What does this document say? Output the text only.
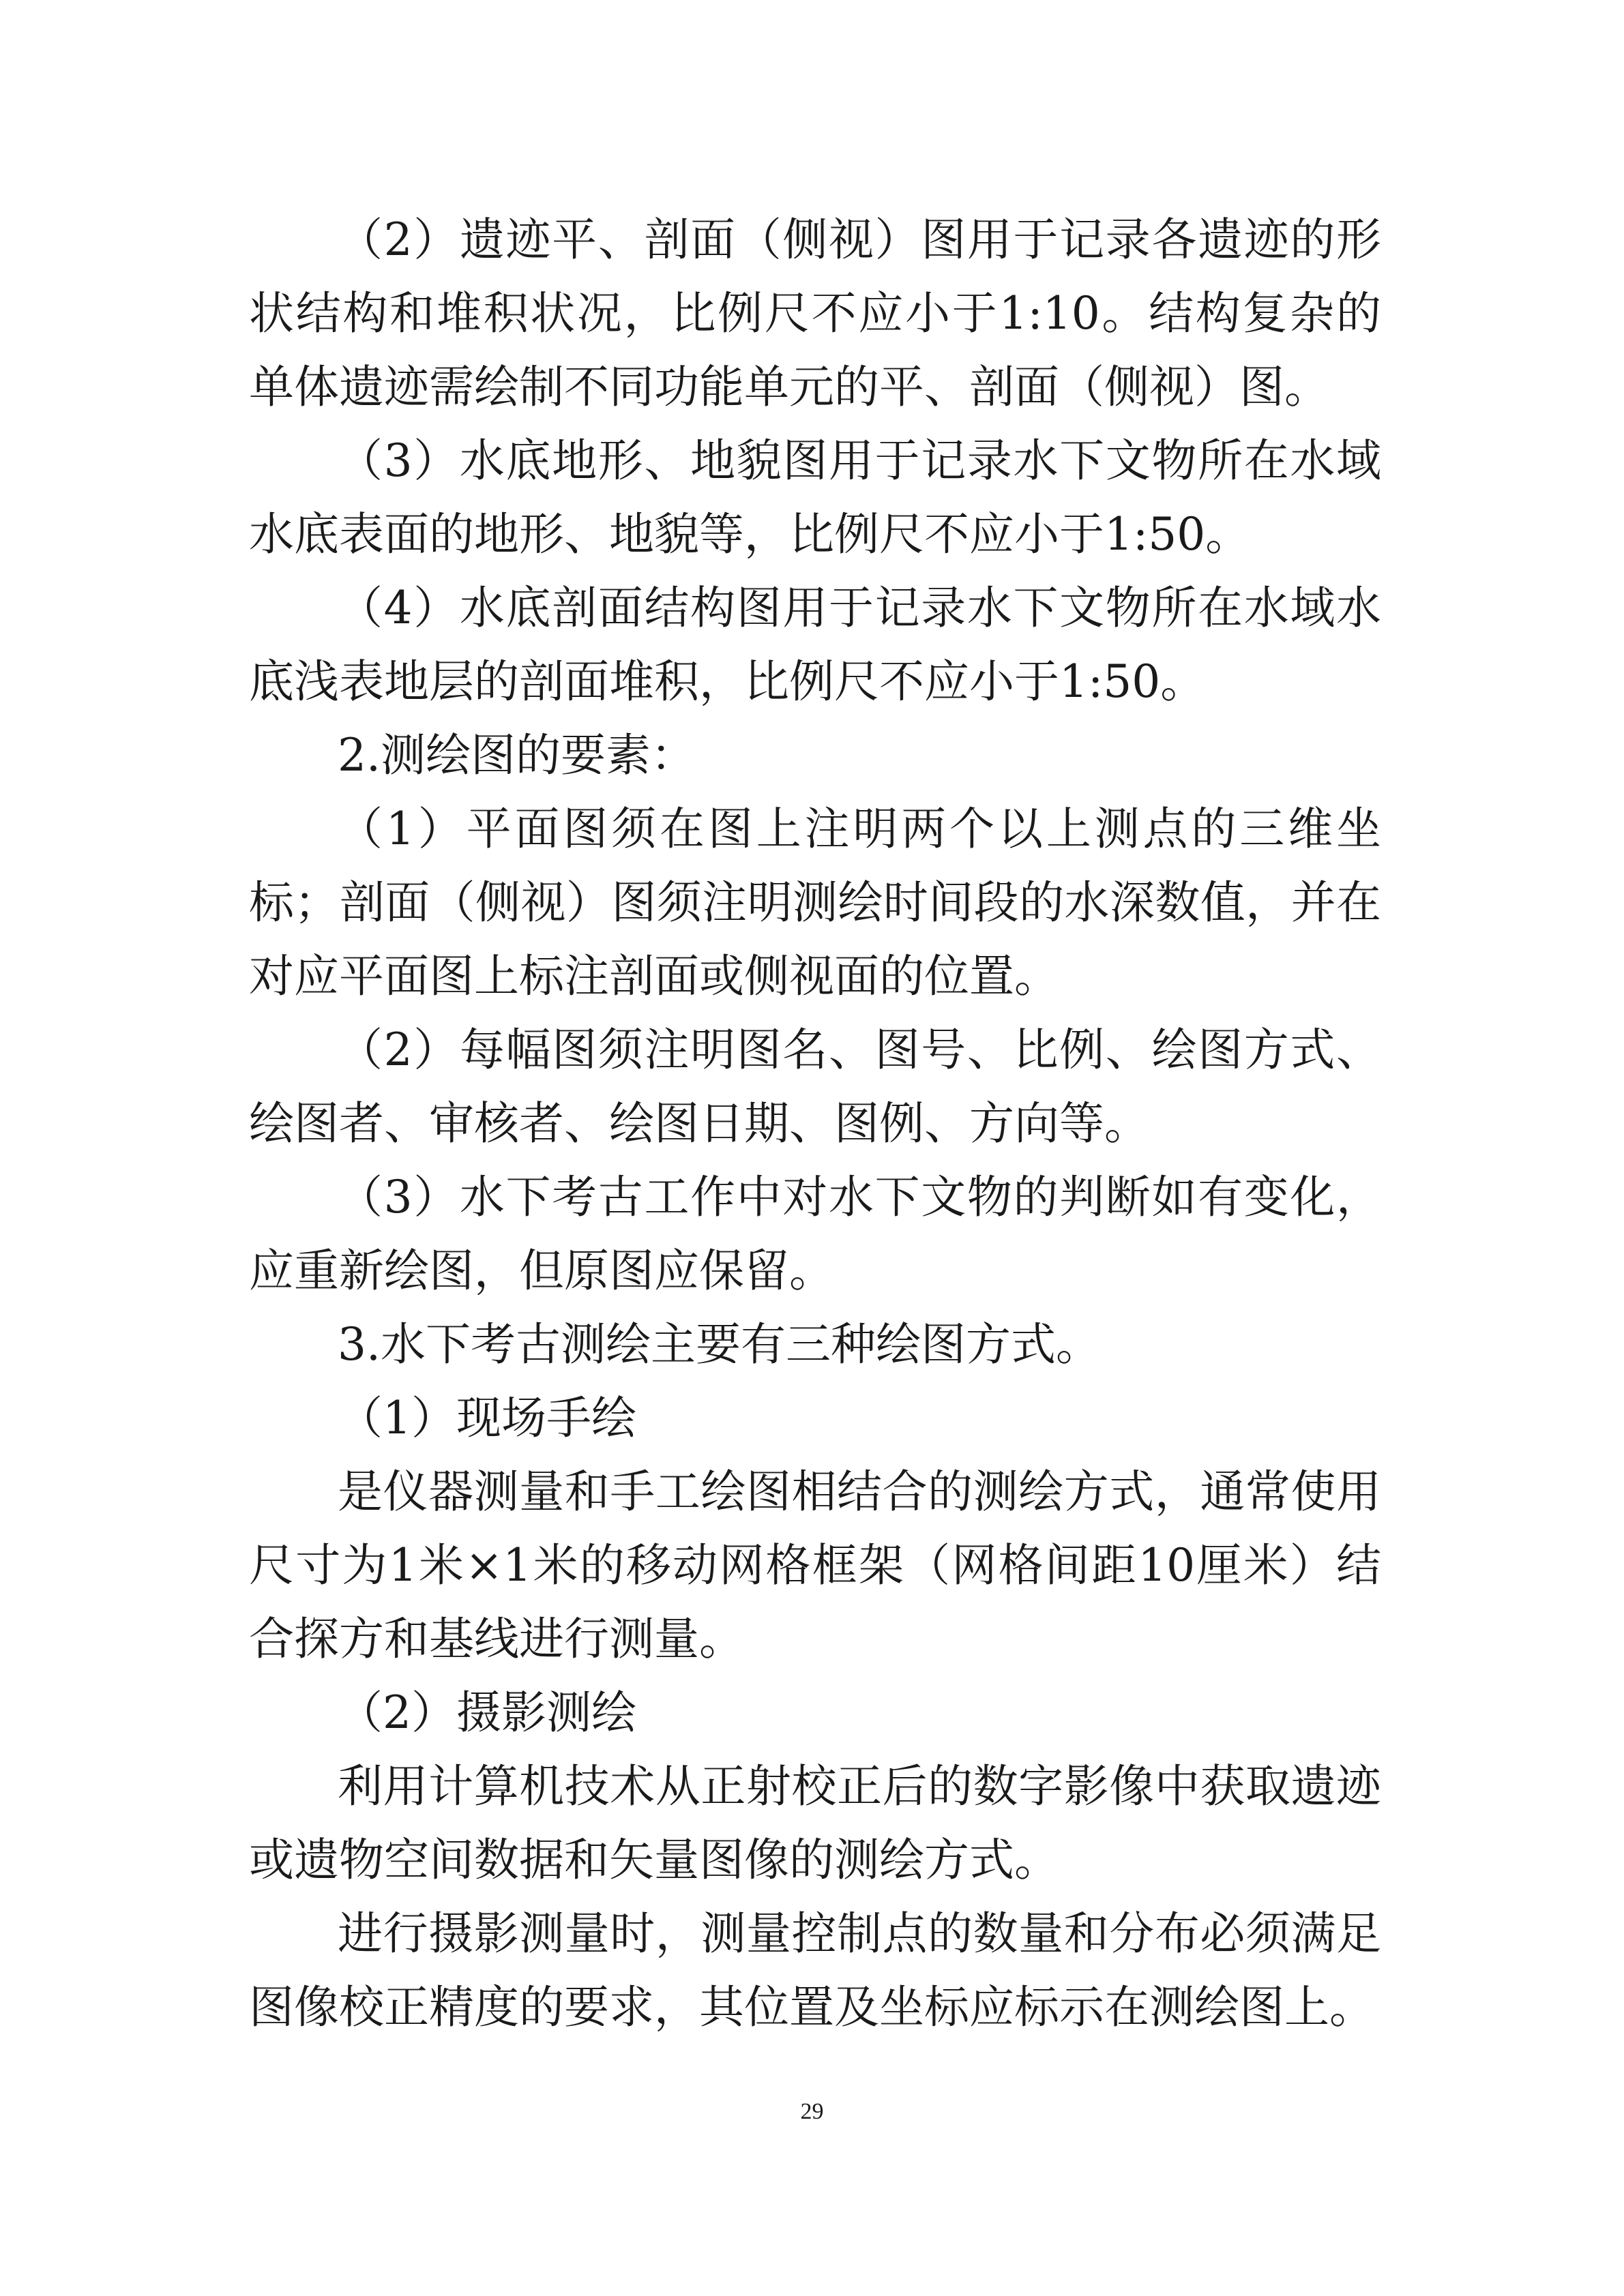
（2）遗迹平、剖面（侧视）图用于记录各遗迹的形状结构和堆积状况，比例尺不应小于1:10。结构复杂的单体遗迹需绘制不同功能单元的平、剖面（侧视）图。

（3）水底地形、地貌图用于记录水下文物所在水域水底表面的地形、地貌等，比例尺不应小于1:50。

（4）水底剖面结构图用于记录水下文物所在水域水底浅表地层的剖面堆积，比例尺不应小于1:50。

2.测绘图的要素：

（1）平面图须在图上注明两个以上测点的三维坐标；剖面（侧视）图须注明测绘时间段的水深数值，并在对应平面图上标注剖面或侧视面的位置。

（2）每幅图须注明图名、图号、比例、绘图方式、绘图者、审核者、绘图日期、图例、方向等。

（3）水下考古工作中对水下文物的判断如有变化，应重新绘图，但原图应保留。

3.水下考古测绘主要有三种绘图方式。

（1）现场手绘

是仪器测量和手工绘图相结合的测绘方式，通常使用尺寸为1米×1米的移动网格框架（网格间距10厘米）结合探方和基线进行测量。

（2）摄影测绘

利用计算机技术从正射校正后的数字影像中获取遗迹或遗物空间数据和矢量图像的测绘方式。

进行摄影测量时，测量控制点的数量和分布必须满足图像校正精度的要求，其位置及坐标应标示在测绘图上。

29
